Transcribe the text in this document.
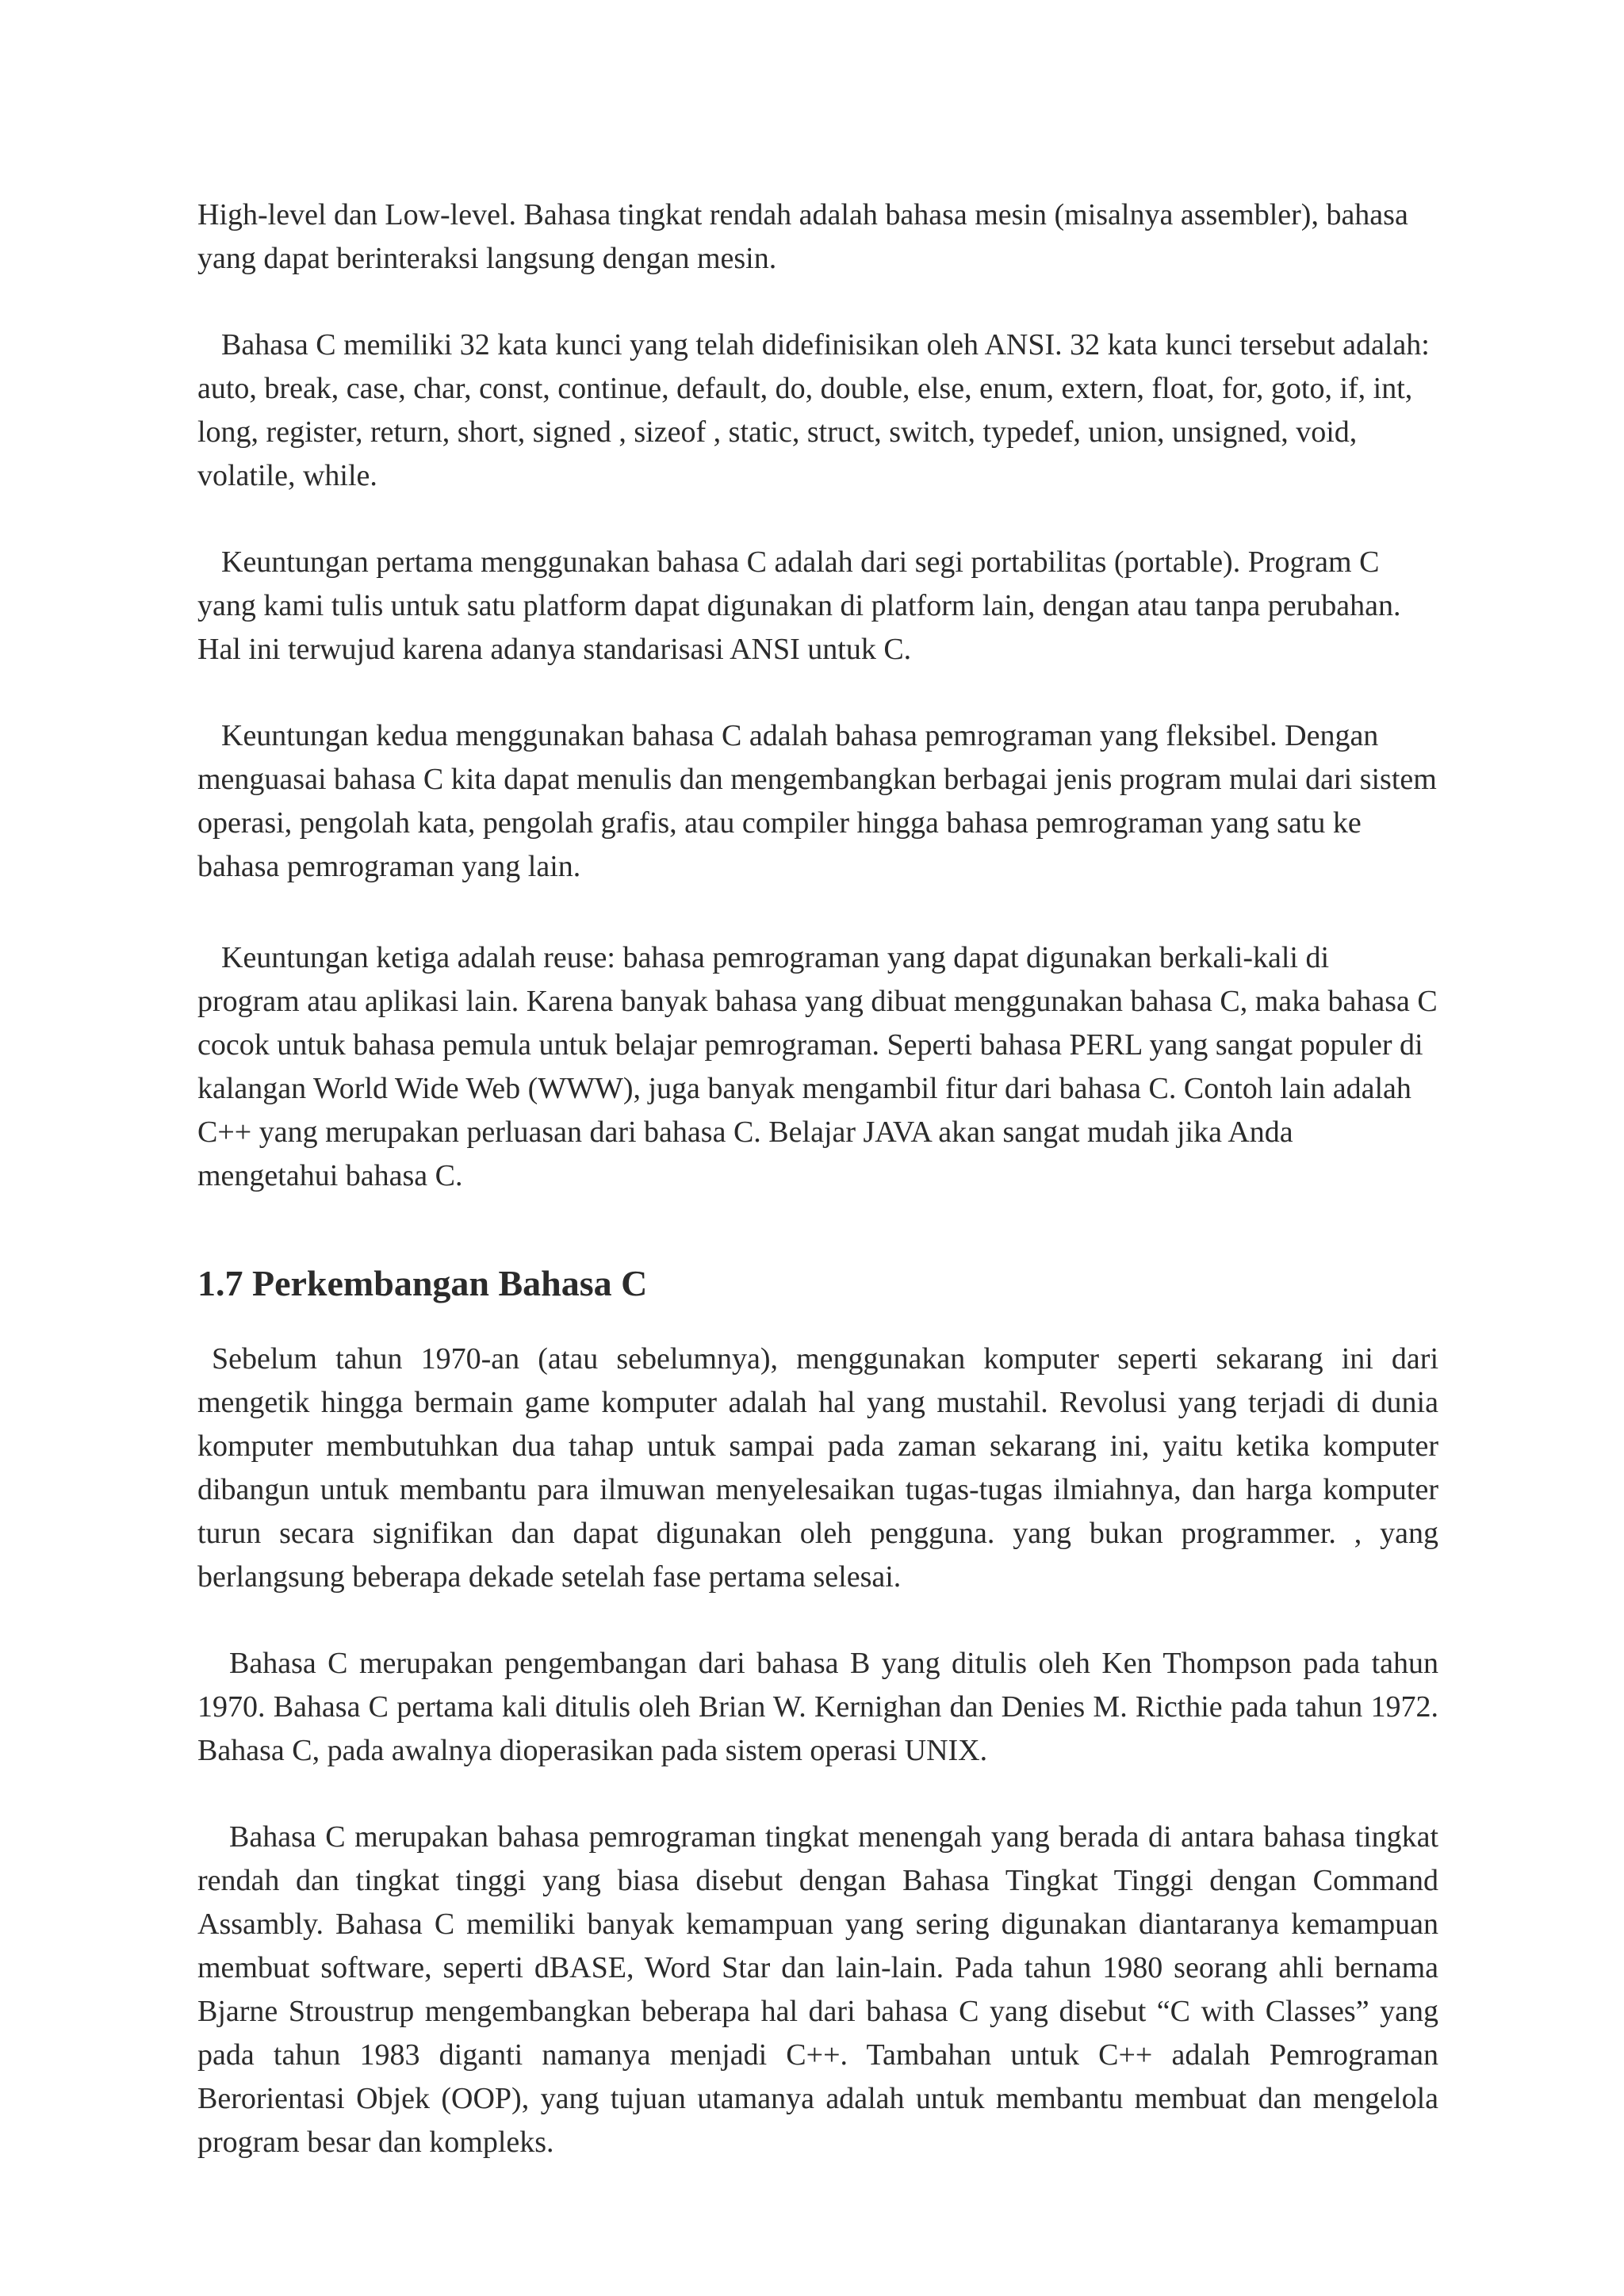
High-level dan Low-level. Bahasa tingkat rendah adalah bahasa mesin (misalnya assembler), bahasa yang dapat berinteraksi langsung dengan mesin.

Bahasa C memiliki 32 kata kunci yang telah didefinisikan oleh ANSI. 32 kata kunci tersebut adalah: auto, break, case, char, const, continue, default, do, double, else, enum, extern, float, for, goto, if, int, long, register, return, short, signed , sizeof , static, struct, switch, typedef, union, unsigned, void, volatile, while.

Keuntungan pertama menggunakan bahasa C adalah dari segi portabilitas (portable). Program C yang kami tulis untuk satu platform dapat digunakan di platform lain, dengan atau tanpa perubahan. Hal ini terwujud karena adanya standarisasi ANSI untuk C.

Keuntungan kedua menggunakan bahasa C adalah bahasa pemrograman yang fleksibel. Dengan menguasai bahasa C kita dapat menulis dan mengembangkan berbagai jenis program mulai dari sistem operasi, pengolah kata, pengolah grafis, atau compiler hingga bahasa pemrograman yang satu ke bahasa pemrograman yang lain.

Keuntungan ketiga adalah reuse: bahasa pemrograman yang dapat digunakan berkali-kali di program atau aplikasi lain. Karena banyak bahasa yang dibuat menggunakan bahasa C, maka bahasa C cocok untuk bahasa pemula untuk belajar pemrograman. Seperti bahasa PERL yang sangat populer di kalangan World Wide Web (WWW), juga banyak mengambil fitur dari bahasa C. Contoh lain adalah C++ yang merupakan perluasan dari bahasa C. Belajar JAVA akan sangat mudah jika Anda mengetahui bahasa C.

1.7 Perkembangan Bahasa C

Sebelum tahun 1970-an (atau sebelumnya), menggunakan komputer seperti sekarang ini dari mengetik hingga bermain game komputer adalah hal yang mustahil. Revolusi yang terjadi di dunia komputer membutuhkan dua tahap untuk sampai pada zaman sekarang ini, yaitu ketika komputer dibangun untuk membantu para ilmuwan menyelesaikan tugas-tugas ilmiahnya, dan harga komputer turun secara signifikan dan dapat digunakan oleh pengguna. yang bukan programmer. , yang berlangsung beberapa dekade setelah fase pertama selesai.

Bahasa C merupakan pengembangan dari bahasa B yang ditulis oleh Ken Thompson pada tahun 1970. Bahasa C pertama kali ditulis oleh Brian W. Kernighan dan Denies M. Ricthie pada tahun 1972. Bahasa C, pada awalnya dioperasikan pada sistem operasi UNIX.

Bahasa C merupakan bahasa pemrograman tingkat menengah yang berada di antara bahasa tingkat rendah dan tingkat tinggi yang biasa disebut dengan Bahasa Tingkat Tinggi dengan Command Assambly. Bahasa C memiliki banyak kemampuan yang sering digunakan diantaranya kemampuan membuat software, seperti dBASE, Word Star dan lain-lain. Pada tahun 1980 seorang ahli bernama Bjarne Stroustrup mengembangkan beberapa hal dari bahasa C yang disebut “C with Classes” yang pada tahun 1983 diganti namanya menjadi C++. Tambahan untuk C++ adalah Pemrograman Berorientasi Objek (OOP), yang tujuan utamanya adalah untuk membantu membuat dan mengelola program besar dan kompleks.
